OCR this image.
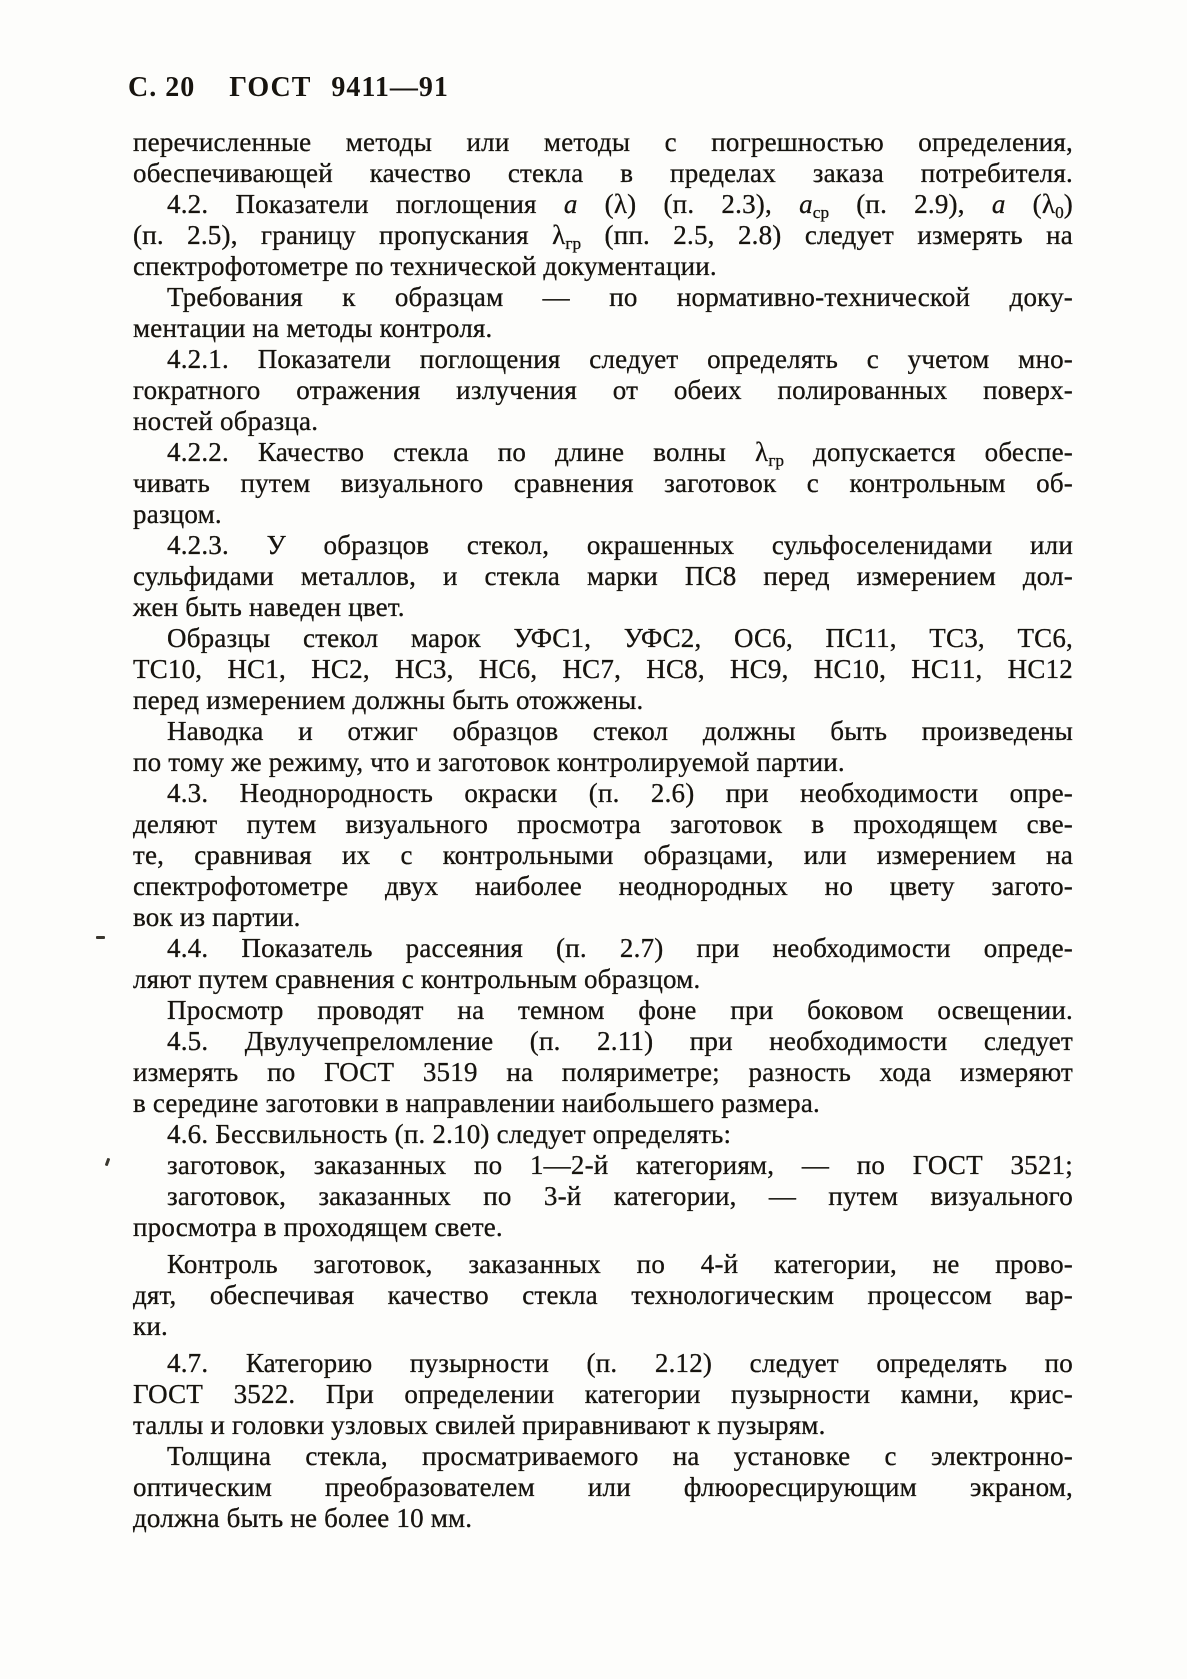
С. 20 ГОСТ 9411—91
перечисленные методы или методы с погрешностью определения,
обеспечивающей качество стекла в пределах заказа потребителя.
4.2. Показатели поглощения а (λ) (п. 2.3), аср (п. 2.9), а (λ0)
(п. 2.5), границу пропускания λгр (пп. 2.5, 2.8) следует измерять на
спектрофотометре по технической документации.
Требования к образцам — по нормативно-технической доку-
ментации на методы контроля.
4.2.1. Показатели поглощения следует определять с учетом мно-
гократного отражения излучения от обеих полированных поверх-
ностей образца.
4.2.2. Качество стекла по длине волны λгр допускается обеспе-
чивать путем визуального сравнения заготовок с контрольным об-
разцом.
4.2.3. У образцов стекол, окрашенных сульфоселенидами или
сульфидами металлов, и стекла марки ПС8 перед измерением дол-
жен быть наведен цвет.
Образцы стекол марок УФС1, УФС2, ОС6, ПС11, ТС3, ТС6,
ТС10, НС1, НС2, НС3, НС6, НС7, НС8, НС9, НС10, НС11, НС12
перед измерением должны быть отожжены.
Наводка и отжиг образцов стекол должны быть произведены
по тому же режиму, что и заготовок контролируемой партии.
4.3. Неоднородность окраски (п. 2.6) при необходимости опре-
деляют путем визуального просмотра заготовок в проходящем све-
те, сравнивая их с контрольными образцами, или измерением на
спектрофотометре двух наиболее неоднородных но цвету загото-
вок из партии.
4.4. Показатель рассеяния (п. 2.7) при необходимости опреде-
ляют путем сравнения с контрольным образцом.
Просмотр проводят на темном фоне при боковом освещении.
4.5. Двулучепреломление (п. 2.11) при необходимости следует
измерять по ГОСТ 3519 на поляриметре; разность хода измеряют
в середине заготовки в направлении наибольшего размера.
4.6. Бессвильность (п. 2.10) следует определять:
заготовок, заказанных по 1—2-й категориям, — по ГОСТ 3521;
заготовок, заказанных по 3-й категории, — путем визуального
просмотра в проходящем свете.
Контроль заготовок, заказанных по 4-й категории, не прово-
дят, обеспечивая качество стекла технологическим процессом вар-
ки.
4.7. Категорию пузырности (п. 2.12) следует определять по
ГОСТ 3522. При определении категории пузырности камни, крис-
таллы и головки узловых свилей приравнивают к пузырям.
Толщина стекла, просматриваемого на установке с электронно-
оптическим преобразователем или флюоресцирующим экраном,
должна быть не более 10 мм.
